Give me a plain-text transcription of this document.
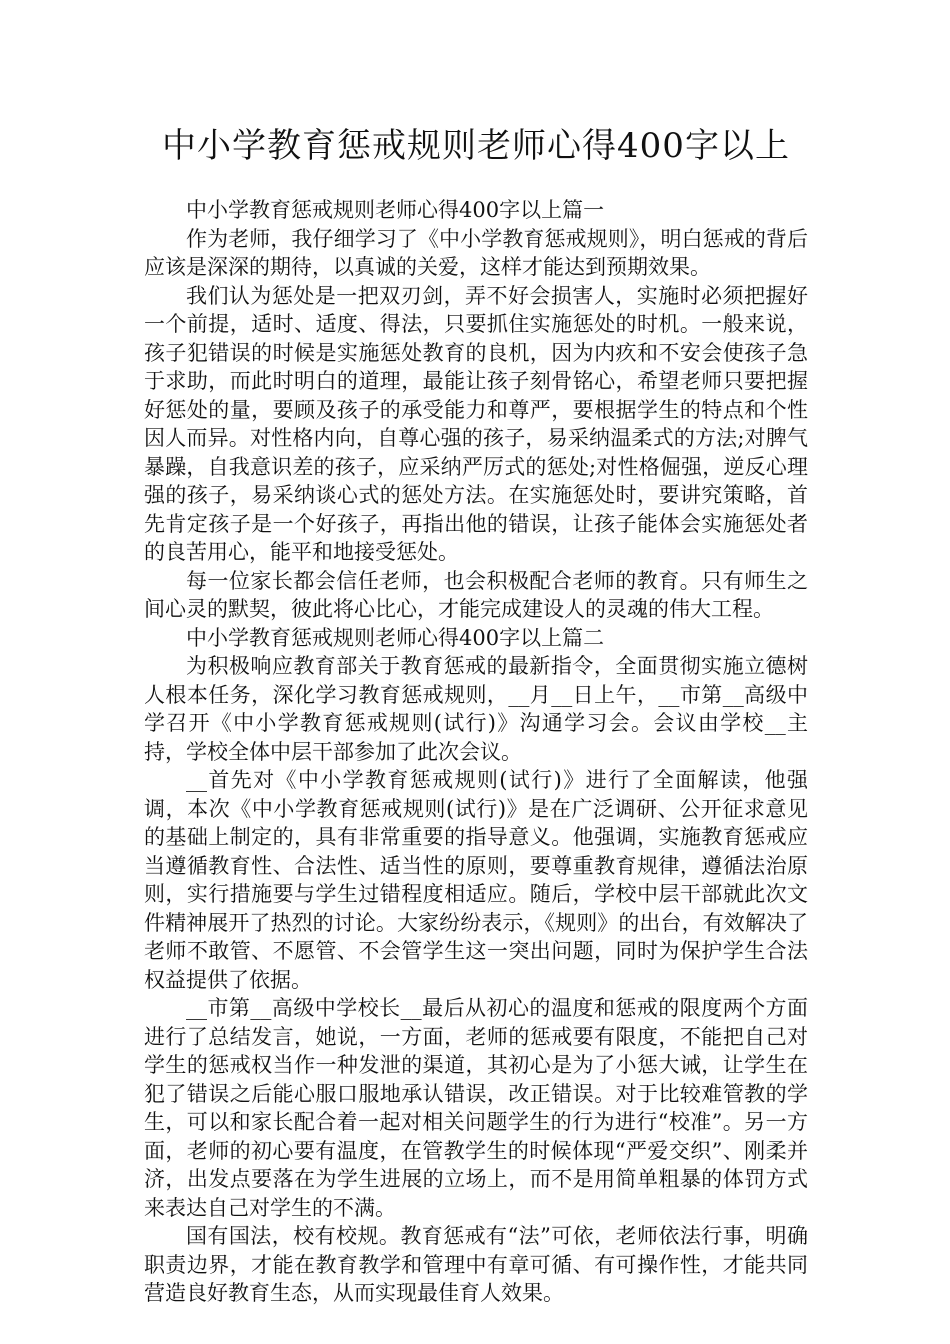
中小学教育惩戒规则老师心得400字以上

中小学教育惩戒规则老师心得400字以上篇一

作为老师，我仔细学习了《中小学教育惩戒规则》，明白惩戒的背后应该是深深的期待，以真诚的关爱，这样才能达到预期效果。

我们认为惩处是一把双刃剑，弄不好会损害人，实施时必须把握好一个前提，适时、适度、得法，只要抓住实施惩处的时机。一般来说，孩子犯错误的时候是实施惩处教育的良机，因为内疚和不安会使孩子急于求助，而此时明白的道理，最能让孩子刻骨铭心，希望老师只要把握好惩处的量，要顾及孩子的承受能力和尊严，要根据学生的特点和个性因人而异。对性格内向，自尊心强的孩子，易采纳温柔式的方法;对脾气暴躁，自我意识差的孩子，应采纳严厉式的惩处;对性格倔强，逆反心理强的孩子，易采纳谈心式的惩处方法。在实施惩处时，要讲究策略，首先肯定孩子是一个好孩子，再指出他的错误，让孩子能体会实施惩处者的良苦用心，能平和地接受惩处。

每一位家长都会信任老师，也会积极配合老师的教育。只有师生之间心灵的默契，彼此将心比心，才能完成建设人的灵魂的伟大工程。

中小学教育惩戒规则老师心得400字以上篇二

为积极响应教育部关于教育惩戒的最新指令，全面贯彻实施立德树人根本任务，深化学习教育惩戒规则，__月__日上午，__市第__高级中学召开《中小学教育惩戒规则(试行)》沟通学习会。会议由学校__主持，学校全体中层干部参加了此次会议。

__首先对《中小学教育惩戒规则(试行)》进行了全面解读，他强调，本次《中小学教育惩戒规则(试行)》是在广泛调研、公开征求意见的基础上制定的，具有非常重要的指导意义。他强调，实施教育惩戒应当遵循教育性、合法性、适当性的原则，要尊重教育规律，遵循法治原则，实行措施要与学生过错程度相适应。随后，学校中层干部就此次文件精神展开了热烈的讨论。大家纷纷表示，《规则》的出台，有效解决了老师不敢管、不愿管、不会管学生这一突出问题，同时为保护学生合法权益提供了依据。

__市第__高级中学校长__最后从初心的温度和惩戒的限度两个方面进行了总结发言，她说，一方面，老师的惩戒要有限度，不能把自己对学生的惩戒权当作一种发泄的渠道，其初心是为了小惩大诫，让学生在犯了错误之后能心服口服地承认错误，改正错误。对于比较难管教的学生，可以和家长配合着一起对相关问题学生的行为进行“校准”。另一方面，老师的初心要有温度，在管教学生的时候体现“严爱交织”、刚柔并济，出发点要落在为学生进展的立场上，而不是用简单粗暴的体罚方式来表达自己对学生的不满。

国有国法，校有校规。教育惩戒有“法”可依，老师依法行事，明确职责边界，才能在教育教学和管理中有章可循、有可操作性，才能共同营造良好教育生态，从而实现最佳育人效果。
